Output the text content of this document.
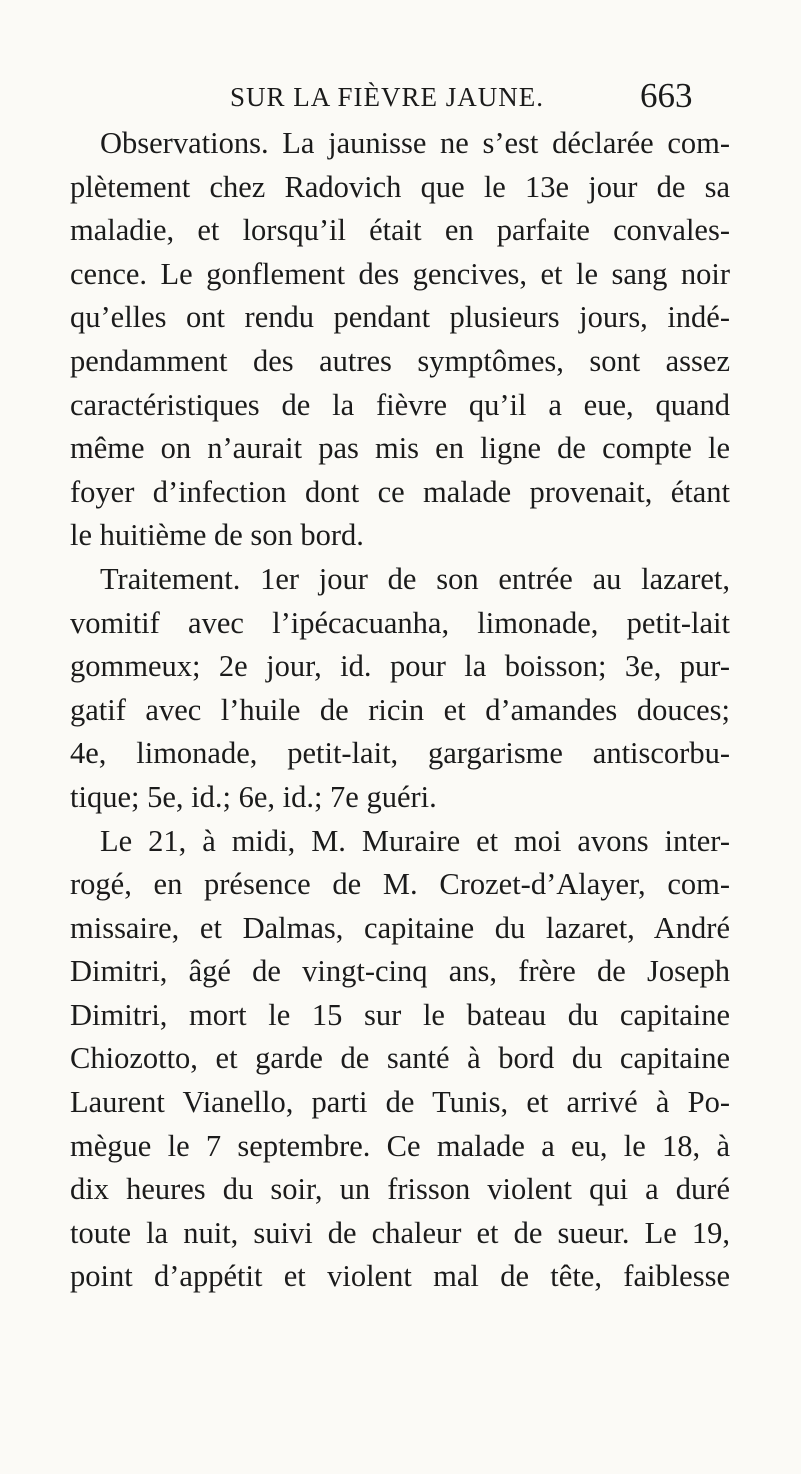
SUR LA FIÈVRE JAUNE.	663
Observations. La jaunisse ne s’est déclarée com-
plètement chez Radovich que le 13e jour de sa
maladie, et lorsqu’il était en parfaite convales-
cence. Le gonflement des gencives, et le sang noir
qu’elles ont rendu pendant plusieurs jours, indé-
pendamment des autres symptômes, sont assez
caractéristiques de la fièvre qu’il a eue, quand
même on n’aurait pas mis en ligne de compte le
foyer d’infection dont ce malade provenait, étant
le huitième de son bord.
Traitement. 1er jour de son entrée au lazaret,
vomitif avec l’ipécacuanha, limonade, petit-lait
gommeux; 2e jour, id. pour la boisson; 3e, pur-
gatif avec l’huile de ricin et d’amandes douces;
4e, limonade, petit-lait, gargarisme antiscorbu-
tique; 5e, id.; 6e, id.; 7e guéri.
Le 21, à midi, M. Muraire et moi avons inter-
rogé, en présence de M. Crozet-d’Alayer, com-
missaire, et Dalmas, capitaine du lazaret, André
Dimitri, âgé de vingt-cinq ans, frère de Joseph
Dimitri, mort le 15 sur le bateau du capitaine
Chiozotto, et garde de santé à bord du capitaine
Laurent Vianello, parti de Tunis, et arrivé à Po-
mègue le 7 septembre. Ce malade a eu, le 18, à
dix heures du soir, un frisson violent qui a duré
toute la nuit, suivi de chaleur et de sueur. Le 19,
point d’appétit et violent mal de tête, faiblesse
